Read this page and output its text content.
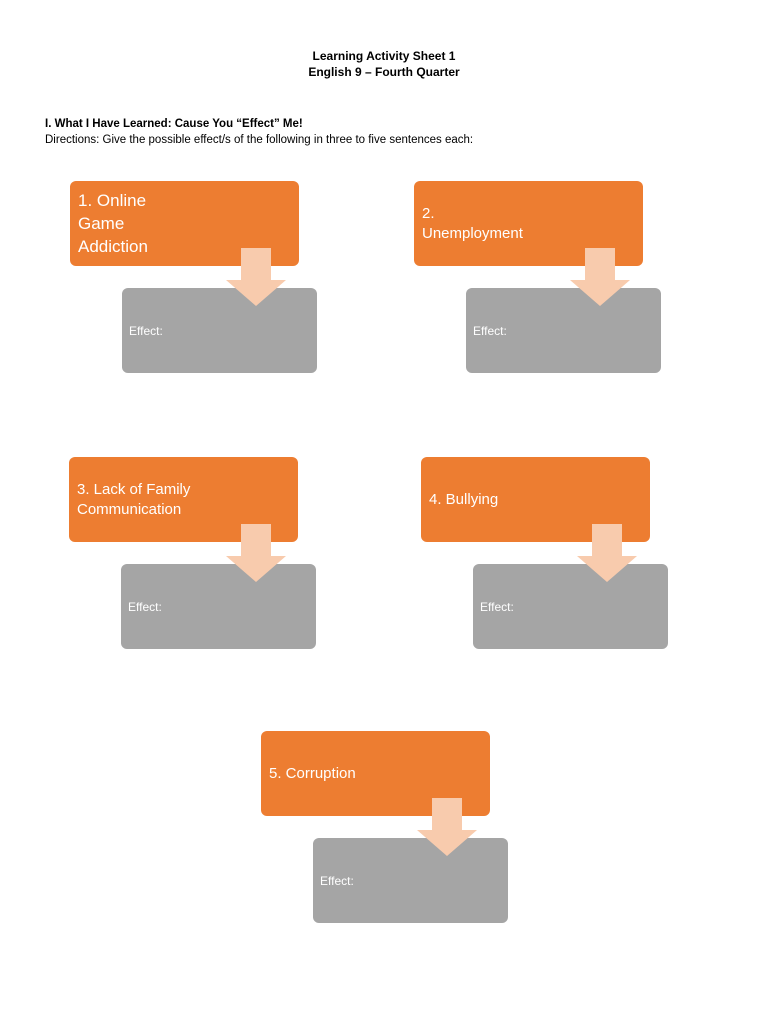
Learning Activity Sheet 1
English 9 – Fourth Quarter
I. What I Have Learned: Cause You “Effect” Me!
Directions: Give the possible effect/s of the following in three to five sentences each:
1. Online
Game
Addiction
Effect:
2.
Unemployment
Effect:
3. Lack of Family
Communication
Effect:
4. Bullying
Effect:
5. Corruption
Effect:
